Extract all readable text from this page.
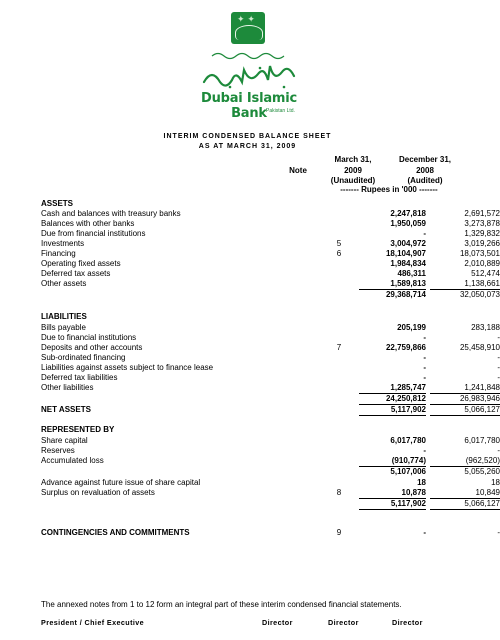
✦ ✦
Dubai Islamic Bank Pakistan Ltd.
INTERIM CONDENSED BALANCE SHEET
AS AT MARCH 31, 2009
Note
March 31,
2009
(Unaudited)
December 31,
2008
(Audited)
------- Rupees in '000 -------
ASSETS
Cash and balances with treasury banks	2,247,818	2,691,572
Balances with other banks	1,950,059	3,273,878
Due from financial institutions	-	1,329,832
Investments	5	3,004,972	3,019,266
Financing	6	18,104,907	18,073,501
Operating fixed assets	1,984,834	2,010,889
Deferred tax assets	486,311	512,474
Other assets	1,589,813	1,138,661
29,368,714	32,050,073
LIABILITIES
Bills payable	205,199	283,188
Due to financial institutions	-	-
Deposits and other accounts	7	22,759,866	25,458,910
Sub-ordinated financing	-	-
Liabilities against assets subject to finance lease	-	-
Deferred tax liabilities	-	-
Other liabilities	1,285,747	1,241,848
24,250,812	26,983,946
NET ASSETS	5,117,902	5,066,127
REPRESENTED BY
Share capital	6,017,780	6,017,780
Reserves	-	-
Accumulated loss	(910,774)	(962,520)
The annexed notes from 1 to 12 form an integral part of these interim condensed financial statements.
President / Chief Executive	Director	Director	Director
5,107,006	5,055,260
Advance against future issue of share capital	18	18
Surplus on revaluation of assets	8	10,878	10,849
5,117,902	5,066,127
CONTINGENCIES AND COMMITMENTS	9	-	-
